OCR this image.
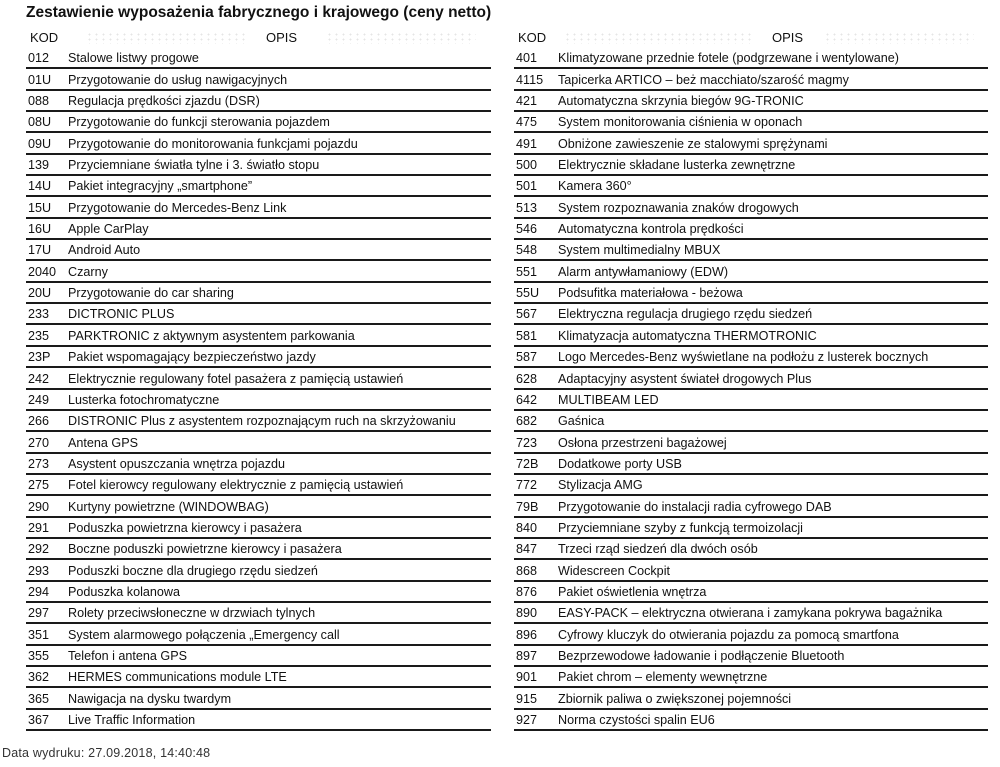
Zestawienie wyposażenia fabrycznego i krajowego (ceny netto)
KOD	OPIS
012 Stalowe listwy progowe
01U Przygotowanie do usług nawigacyjnych
088 Regulacja prędkości zjazdu (DSR)
08U Przygotowanie do funkcji sterowania pojazdem
09U Przygotowanie do monitorowania funkcjami pojazdu
139 Przyciemniane światła tylne i 3. światło stopu
14U Pakiet integracyjny „smartphone”
15U Przygotowanie do Mercedes-Benz Link
16U Apple CarPlay
17U Android Auto
2040 Czarny
20U Przygotowanie do car sharing
233 DICTRONIC PLUS
235 PARKTRONIC z aktywnym asystentem parkowania
23P Pakiet wspomagający bezpieczeństwo jazdy
242 Elektrycznie regulowany fotel pasażera z pamięcią ustawień
249 Lusterka fotochromatyczne
266 DISTRONIC Plus z asystentem rozpoznającym ruch na skrzyżowaniu
270 Antena GPS
273 Asystent opuszczania wnętrza pojazdu
275 Fotel kierowcy regulowany elektrycznie z pamięcią ustawień
290 Kurtyny powietrzne (WINDOWBAG)
291 Poduszka powietrzna kierowcy i pasażera
292 Boczne poduszki powietrzne kierowcy i pasażera
293 Poduszki boczne dla drugiego rzędu siedzeń
294 Poduszka kolanowa
297 Rolety przeciwsłoneczne w drzwiach tylnych
351 System alarmowego połączenia „Emergency call
355 Telefon i antena GPS
362 HERMES communications module LTE
365 Nawigacja na dysku twardym
367 Live Traffic Information
KOD	OPIS
401 Klimatyzowane przednie fotele (podgrzewane i wentylowane)
4115 Tapicerka ARTICO – beż macchiato/szarość magmy
421 Automatyczna skrzynia biegów 9G-TRONIC
475 System monitorowania ciśnienia w oponach
491 Obniżone zawieszenie ze stalowymi sprężynami
500 Elektrycznie składane lusterka zewnętrzne
501 Kamera 360°
513 System rozpoznawania znaków drogowych
546 Automatyczna kontrola prędkości
548 System multimedialny MBUX
551 Alarm antywłamaniowy (EDW)
55U Podsufitka materiałowa - beżowa
567 Elektryczna regulacja drugiego rzędu siedzeń
581 Klimatyzacja automatyczna THERMOTRONIC
587 Logo Mercedes-Benz wyświetlane na podłożu z lusterek bocznych
628 Adaptacyjny asystent świateł drogowych Plus
642 MULTIBEAM LED
682 Gaśnica
723 Osłona przestrzeni bagażowej
72B Dodatkowe porty USB
772 Stylizacja AMG
79B Przygotowanie do instalacji radia cyfrowego DAB
840 Przyciemniane szyby z funkcją termoizolacji
847 Trzeci rząd siedzeń dla dwóch osób
868 Widescreen Cockpit
876 Pakiet oświetlenia wnętrza
890 EASY-PACK – elektryczna otwierana i zamykana pokrywa bagażnika
896 Cyfrowy kluczyk do otwierania pojazdu za pomocą smartfona
897 Bezprzewodowe ładowanie i podłączenie Bluetooth
901 Pakiet chrom – elementy wewnętrzne
915 Zbiornik paliwa o zwiększonej pojemności
927 Norma czystości spalin EU6
Data wydruku: 27.09.2018, 14:40:48
